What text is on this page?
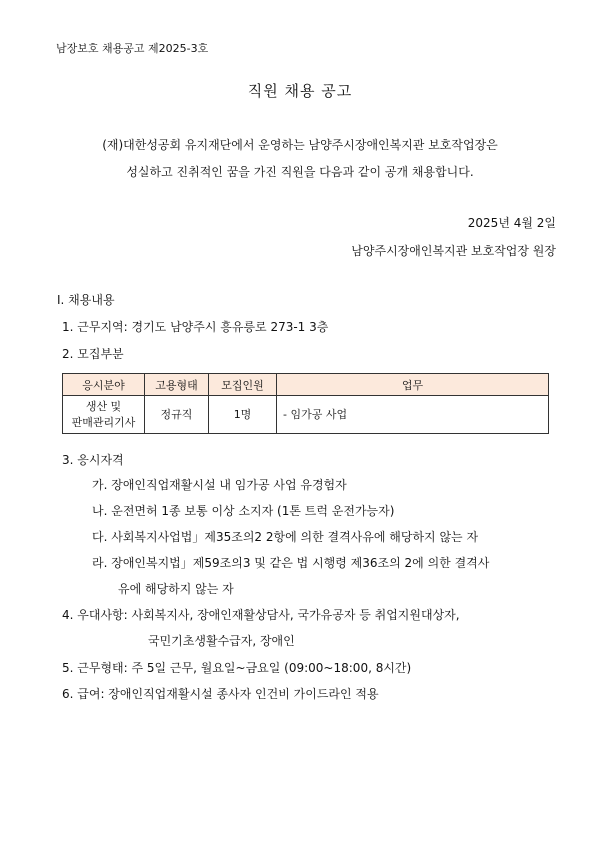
남장보호 채용공고 제2025-3호
직원 채용 공고
(재)대한성공회 유지재단에서 운영하는 남양주시장애인복지관 보호작업장은
성실하고 진취적인 꿈을 가진 직원을 다음과 같이 공개 채용합니다.
2025년 4월 2일
남양주시장애인복지관 보호작업장 원장
Ⅰ. 채용내용
1. 근무지역: 경기도 남양주시 흥유릉로 273-1 3층
2. 모집부분
응시분야	고용형태	모집인원	업무
생산 및
판매관리기사	정규직	1명	- 임가공 사업
3. 응시자격
가. 장애인직업재활시설 내 임가공 사업 유경험자
나. 운전면허 1종 보통 이상 소지자 (1톤 트럭 운전가능자)
다. 사회복지사업법」제35조의2 2항에 의한 결격사유에 해당하지 않는 자
라. 장애인복지법」제59조의3 및 같은 법 시행령 제36조의 2에 의한 결격사
유에 해당하지 않는 자
4. 우대사항: 사회복지사, 장애인재활상담사, 국가유공자 등 취업지원대상자,
국민기초생활수급자, 장애인
5. 근무형태: 주 5일 근무, 월요일~금요일 (09:00~18:00, 8시간)
6. 급여: 장애인직업재활시설 종사자 인건비 가이드라인 적용
